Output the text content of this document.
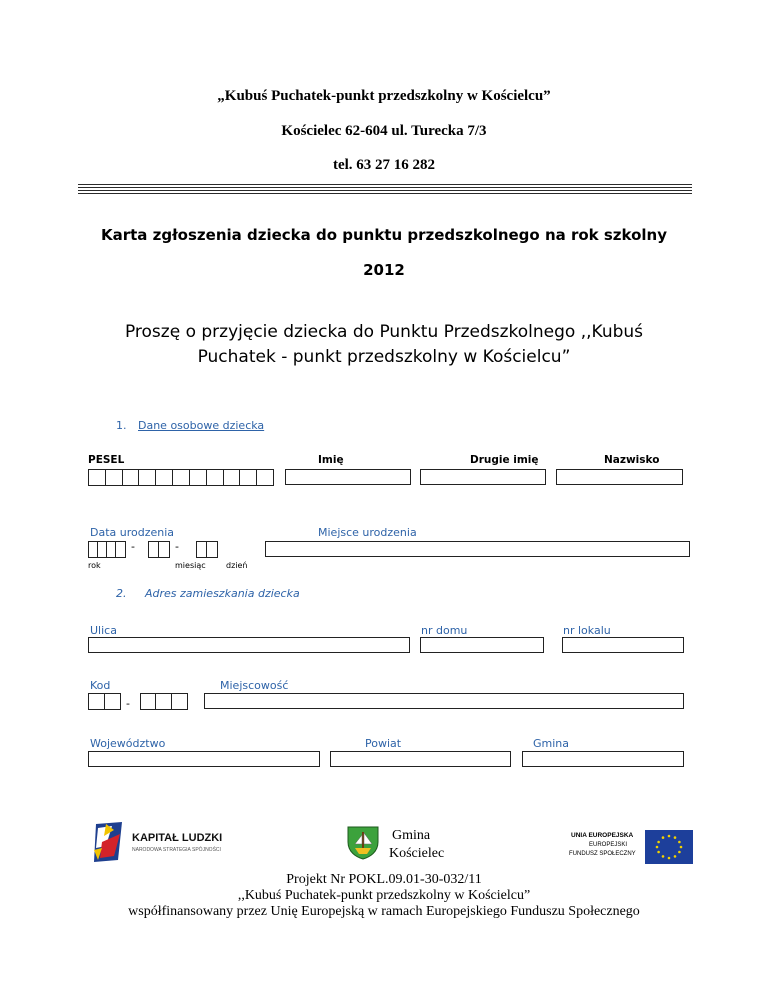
„Kubuś Puchatek-punkt przedszkolny w Kościelcu”
Kościelec 62-604 ul. Turecka 7/3
tel. 63 27 16 282
Karta zgłoszenia dziecka do punktu przedszkolnego na rok szkolny
2012
Proszę o przyjęcie dziecka do Punktu Przedszkolnego ,,Kubuś
Puchatek - punkt przedszkolny w Kościelcu”
1. Dane osobowe dziecka
PESEL	Imię	Drugie imię	Nazwisko
Data urodzenia	Miejsce urodzenia
-	-
rok	miesiąc	dzień
2. Adres zamieszkania dziecka
Ulica	nr domu	nr lokalu
Kod	Miejscowość
-
Województwo	Powiat	Gmina
KAPITAŁ LUDZKI
NARODOWA STRATEGIA SPÓJNOŚCI
Gmina
Kościelec
UNIA EUROPEJSKA
EUROPEJSKI
FUNDUSZ SPOŁECZNY
Projekt Nr POKL.09.01-30-032/11
,,Kubuś Puchatek-punkt przedszkolny w Kościelcu”
współfinansowany przez Unię Europejską w ramach Europejskiego Funduszu Społecznego
